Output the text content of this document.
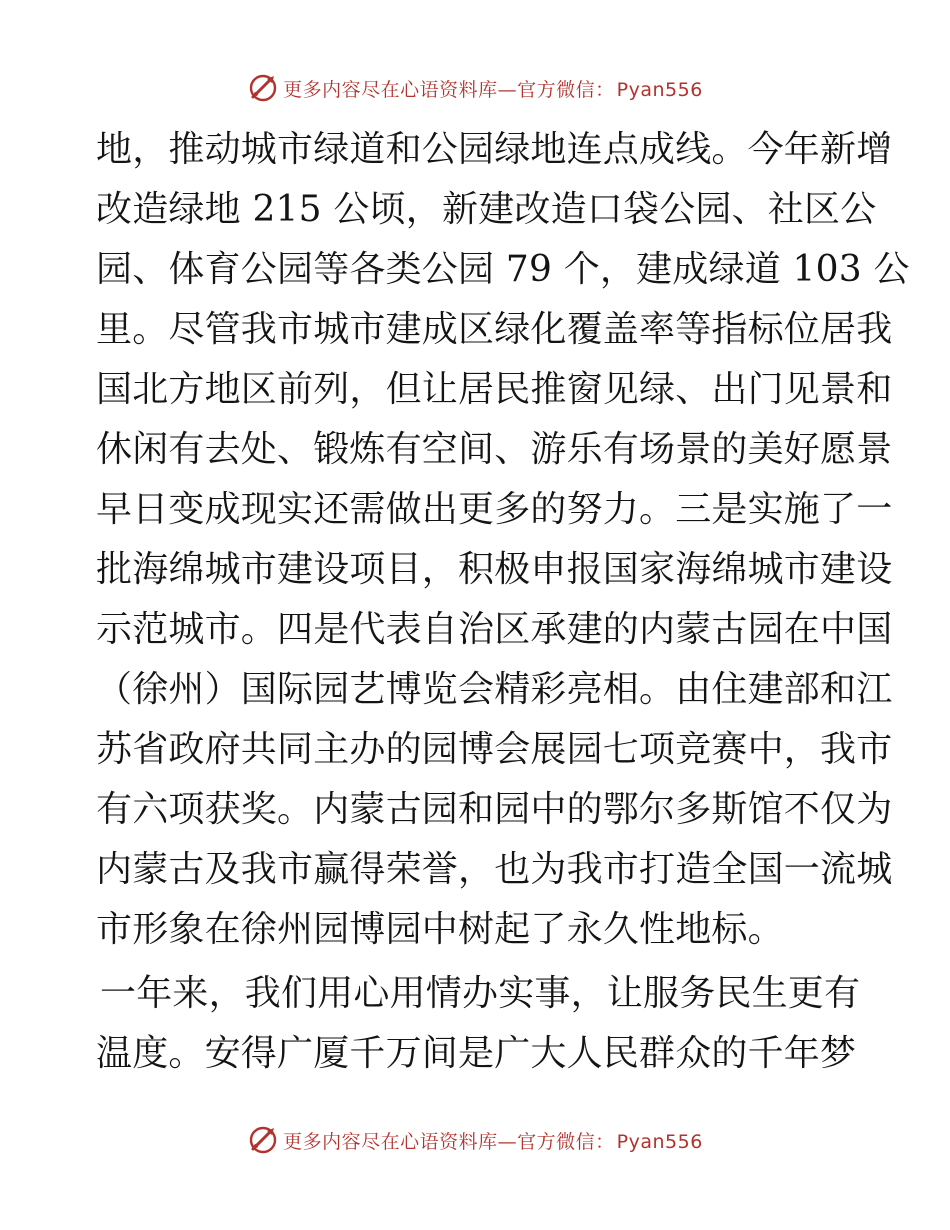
更多内容尽在心语资料库—官方微信： Pyan556
地，推动城市绿道和公园绿地连点成线。今年新增
改造绿地 215 公顷，新建改造口袋公园、社区公
园、体育公园等各类公园 79 个，建成绿道 103 公
里。尽管我市城市建成区绿化覆盖率等指标位居我
国北方地区前列，但让居民推窗见绿、出门见景和
休闲有去处、锻炼有空间、游乐有场景的美好愿景
早日变成现实还需做出更多的努力。三是实施了一
批海绵城市建设项目，积极申报国家海绵城市建设
示范城市。四是代表自治区承建的内蒙古园在中国
（徐州）国际园艺博览会精彩亮相。由住建部和江
苏省政府共同主办的园博会展园七项竞赛中，我市
有六项获奖。内蒙古园和园中的鄂尔多斯馆不仅为
内蒙古及我市赢得荣誉，也为我市打造全国一流城
市形象在徐州园博园中树起了永久性地标。
一年来，我们用心用情办实事，让服务民生更有
温度。安得广厦千万间是广大人民群众的千年梦
更多内容尽在心语资料库—官方微信： Pyan556
